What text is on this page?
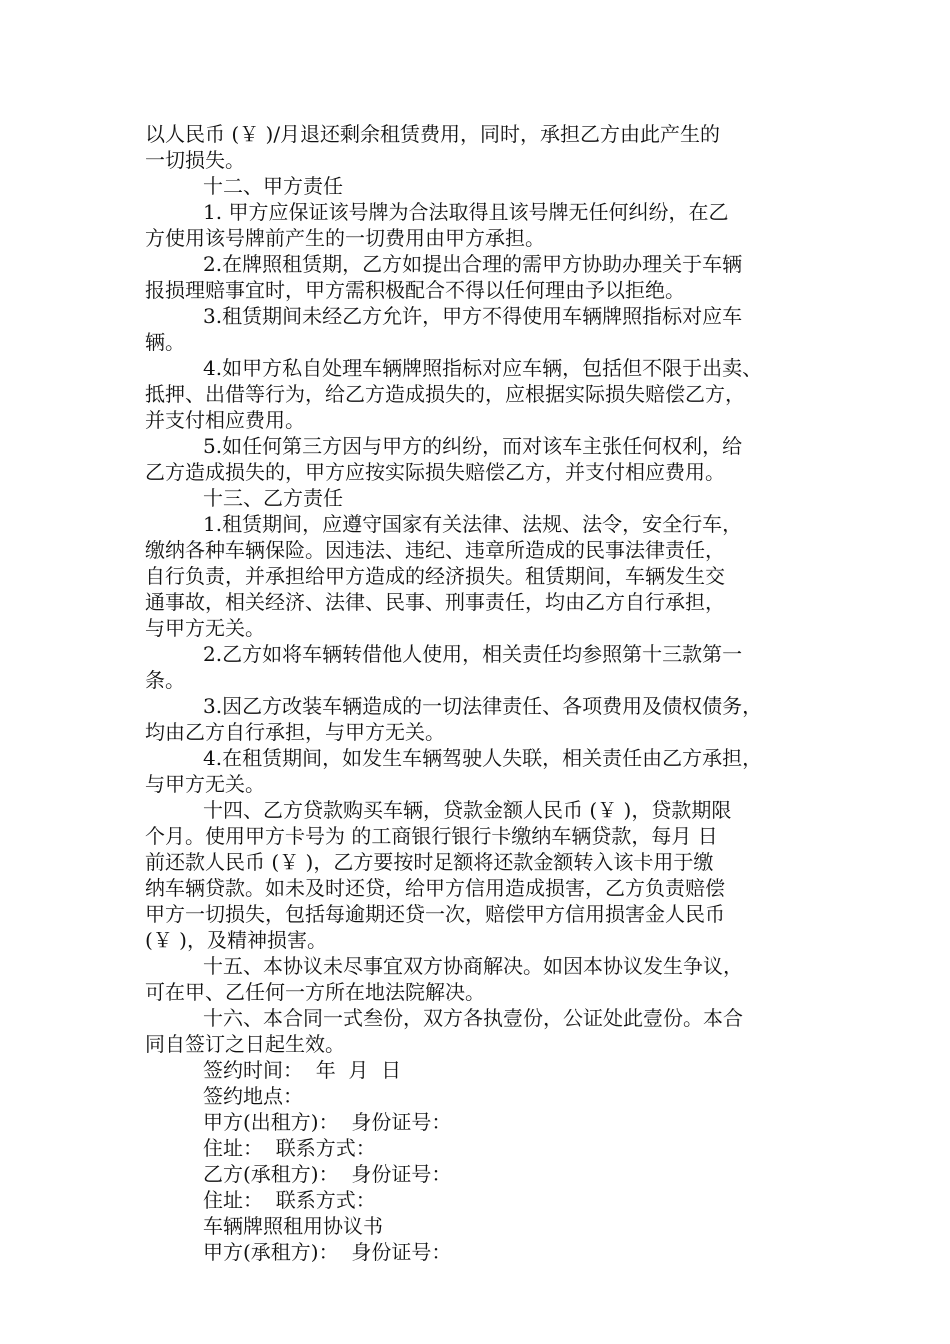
以人民币 (￥ )/月退还剩余租赁费用，同时，承担乙方由此产生的
一切损失。
十二、甲方责任
1. 甲方应保证该号牌为合法取得且该号牌无任何纠纷，在乙
方使用该号牌前产生的一切费用由甲方承担。
2.在牌照租赁期，乙方如提出合理的需甲方协助办理关于车辆
报损理赔事宜时，甲方需积极配合不得以任何理由予以拒绝。
3.租赁期间未经乙方允许，甲方不得使用车辆牌照指标对应车
辆。
4.如甲方私自处理车辆牌照指标对应车辆，包括但不限于出卖、
抵押、出借等行为，给乙方造成损失的，应根据实际损失赔偿乙方，
并支付相应费用。
5.如任何第三方因与甲方的纠纷，而对该车主张任何权利，给
乙方造成损失的，甲方应按实际损失赔偿乙方，并支付相应费用。
十三、乙方责任
1.租赁期间，应遵守国家有关法律、法规、法令，安全行车，
缴纳各种车辆保险。因违法、违纪、违章所造成的民事法律责任，
自行负责，并承担给甲方造成的经济损失。租赁期间，车辆发生交
通事故，相关经济、法律、民事、刑事责任，均由乙方自行承担，
与甲方无关。
2.乙方如将车辆转借他人使用，相关责任均参照第十三款第一
条。
3.因乙方改装车辆造成的一切法律责任、各项费用及债权债务，
均由乙方自行承担，与甲方无关。
4.在租赁期间，如发生车辆驾驶人失联，相关责任由乙方承担，
与甲方无关。
十四、乙方贷款购买车辆，贷款金额人民币 (￥ )，贷款期限
个月。使用甲方卡号为 的工商银行银行卡缴纳车辆贷款，每月 日
前还款人民币 (￥ )，乙方要按时足额将还款金额转入该卡用于缴
纳车辆贷款。如未及时还贷，给甲方信用造成损害，乙方负责赔偿
甲方一切损失，包括每逾期还贷一次，赔偿甲方信用损害金人民币
(￥ )，及精神损害。
十五、本协议未尽事宜双方协商解决。如因本协议发生争议，
可在甲、乙任何一方所在地法院解决。
十六、本合同一式叁份，双方各执壹份，公证处此壹份。本合
同自签订之日起生效。
签约时间：  年  月  日
签约地点：
甲方(出租方)：  身份证号：
住址：  联系方式：
乙方(承租方)：  身份证号：
住址：  联系方式：
车辆牌照租用协议书
甲方(承租方)：  身份证号：
